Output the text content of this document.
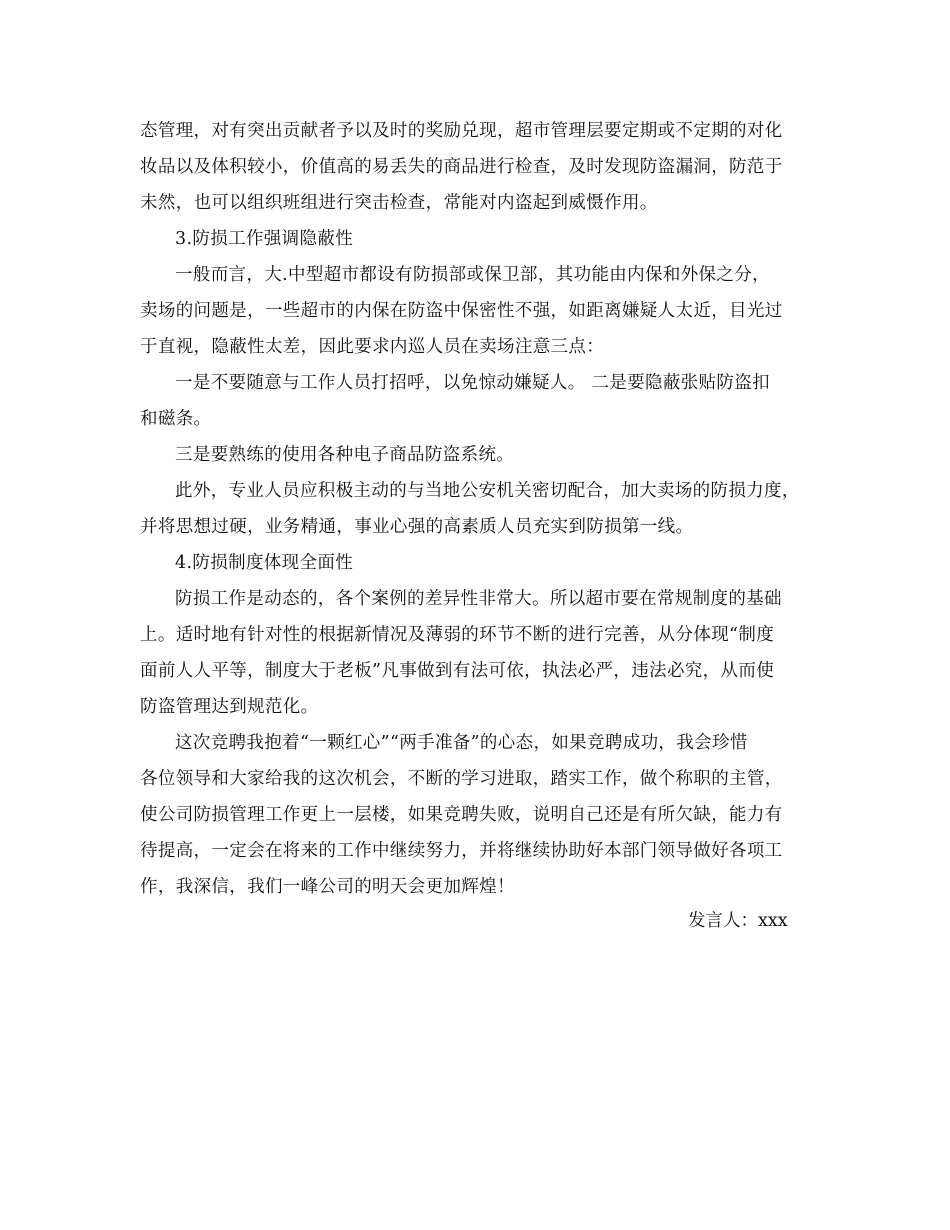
态管理，对有突出贡献者予以及时的奖励兑现，超市管理层要定期或不定期的对化
妆品以及体积较小，价值高的易丢失的商品进行检查，及时发现防盗漏洞，防范于
未然，也可以组织班组进行突击检查，常能对内盗起到威慑作用。
3.防损工作强调隐蔽性
一般而言，大.中型超市都设有防损部或保卫部，其功能由内保和外保之分，
卖场的问题是，一些超市的内保在防盗中保密性不强，如距离嫌疑人太近，目光过
于直视，隐蔽性太差，因此要求内巡人员在卖场注意三点：
一是不要随意与工作人员打招呼，以免惊动嫌疑人。 二是要隐蔽张贴防盗扣
和磁条。
三是要熟练的使用各种电子商品防盗系统。
此外，专业人员应积极主动的与当地公安机关密切配合，加大卖场的防损力度，
并将思想过硬，业务精通，事业心强的高素质人员充实到防损第一线。
4.防损制度体现全面性
防损工作是动态的，各个案例的差异性非常大。所以超市要在常规制度的基础
上。适时地有针对性的根据新情况及薄弱的环节不断的进行完善，从分体现“制度
面前人人平等，制度大于老板”凡事做到有法可依，执法必严，违法必究，从而使
防盗管理达到规范化。
这次竞聘我抱着“一颗红心”“两手准备”的心态，如果竞聘成功，我会珍惜
各位领导和大家给我的这次机会，不断的学习进取，踏实工作，做个称职的主管，
使公司防损管理工作更上一层楼，如果竞聘失败，说明自己还是有所欠缺，能力有
待提高，一定会在将来的工作中继续努力，并将继续协助好本部门领导做好各项工
作，我深信，我们一峰公司的明天会更加辉煌！
发言人：xxx
